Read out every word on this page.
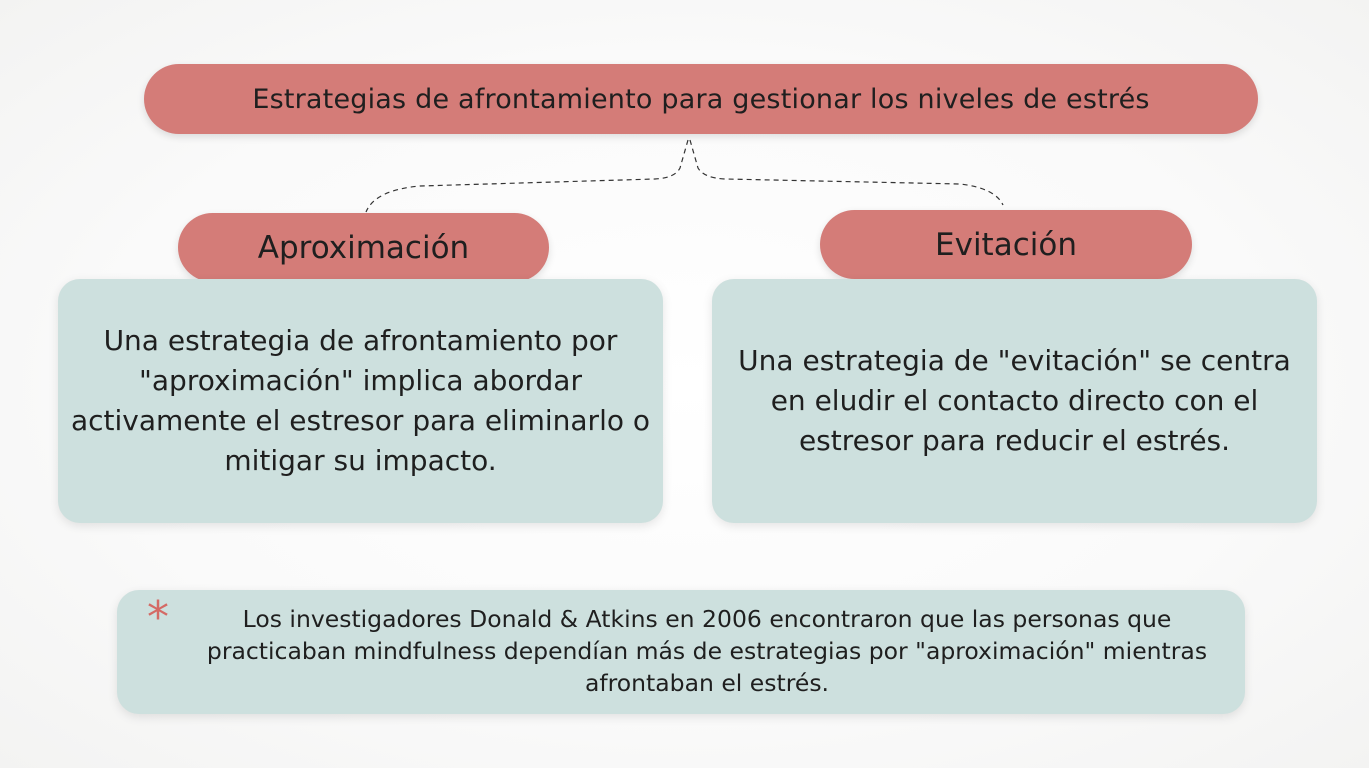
Estrategias de afrontamiento para gestionar los niveles de estrés
Aproximación	Evitación

Una estrategia de afrontamiento por "aproximación" implica abordar activamente el estresor para eliminarlo o mitigar su impacto.

Una estrategia de "evitación" se centra en eludir el contacto directo con el estresor para reducir el estrés.

*	Los investigadores Donald & Atkins en 2006 encontraron que las personas que practicaban mindfulness dependían más de estrategias por "aproximación" mientras afrontaban el estrés.
